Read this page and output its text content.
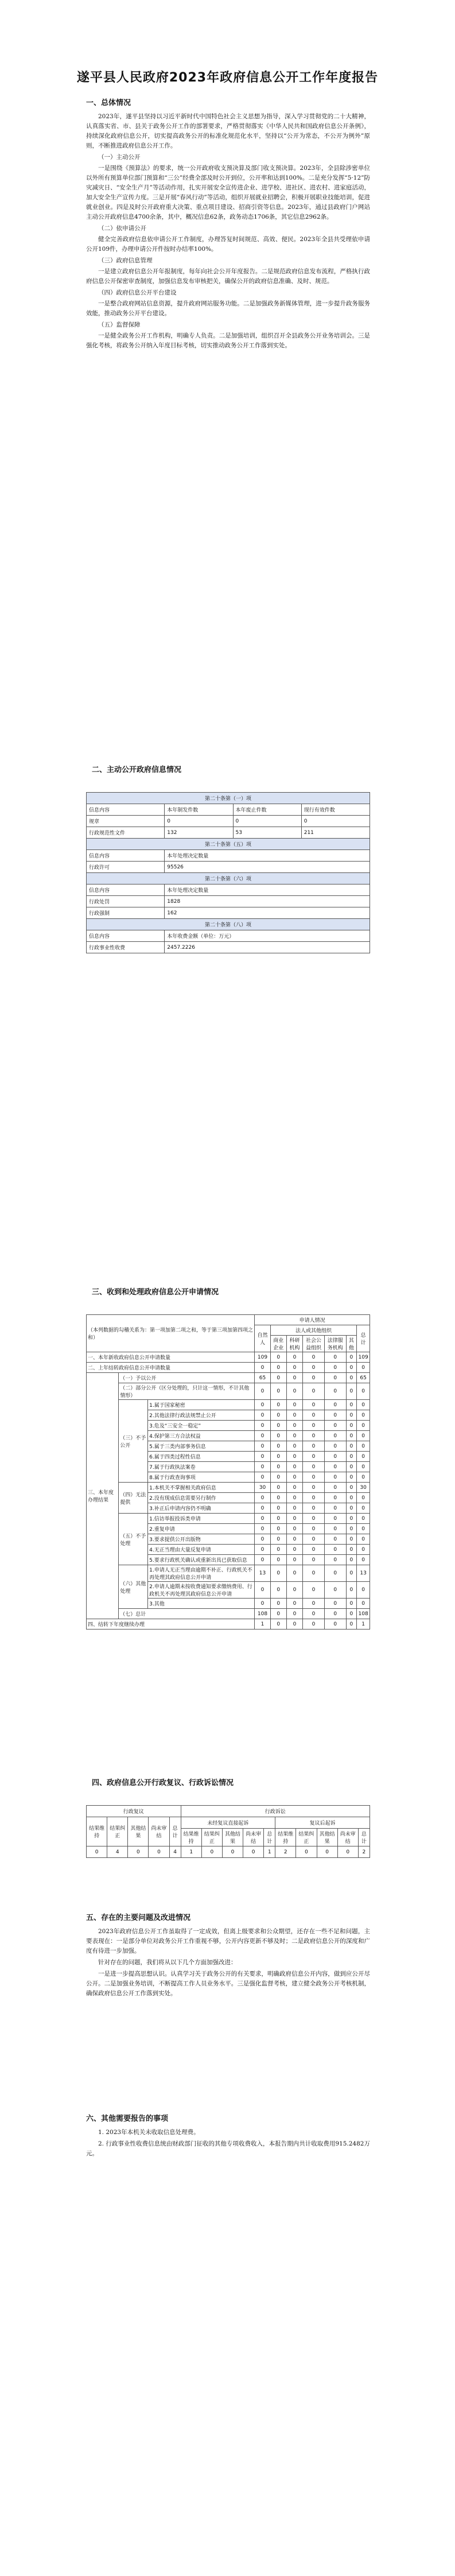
遂平县人民政府2023年政府信息公开工作年度报告
一、总体情况
2023年，遂平县坚持以习近平新时代中国特色社会主义思想为指导，深入学习贯彻党的二十大精神，认真落实省、市、县关于政务公开工作的部署要求，严格贯彻落实《中华人民共和国政府信息公开条例》，持续深化政府信息公开，切实提高政务公开的标准化规范化水平，坚持以“公开为常态，不公开为例外”原则，不断推进政府信息公开工作。
（一）主动公开
一是围绕《预算法》的要求，统一公开政府收支预决算及部门收支预决算。2023年，全县除涉密单位以外所有预算单位部门预算和“三公”经费全部及时公开到位，公开率和达到100%。二是充分发挥“5·12”防灾减灾日、“安全生产月”等活动作用，扎实开展安全宣传进企业、进学校、进社区、进农村、进家庭活动，加大安全生产宣传力度。三是开展“春风行动”等活动，组织开展就业招聘会，积极开展职业技能培训，促进就业创业。四是及时公开政府重大决策、重点项目建设、招商引资等信息。2023年，通过县政府门户网站主动公开政府信息4700余条，其中，概况信息62条，政务动态1706条，其它信息2962条。
（二）依申请公开
健全完善政府信息依申请公开工作制度，办理答复时间规范、高效、便民。2023年全县共受理依申请公开109件，办理申请公开件按时办结率100%。
（三）政府信息管理
一是建立政府信息公开年报制度，每年向社会公开年度报告。二是规范政府信息发布流程，严格执行政府信息公开保密审查制度，加强信息发布审核把关，确保公开的政府信息准确、及时、规范。
（四）政府信息公开平台建设
一是整合政府网站信息资源，提升政府网站服务功能。二是加强政务新媒体管理，进一步提升政务服务效能，推动政务公开平台建设。
（五）监督保障
一是健全政务公开工作机构，明确专人负责。二是加强培训，组织召开全县政务公开业务培训会。三是强化考核，将政务公开纳入年度目标考核，切实推动政务公开工作落到实处。
二、主动公开政府信息情况
第二十条第（一）项			
信息内容	本年制发件数	本年废止件数	现行有效件数
规章	0	0	0
行政规范性文件	132	53	211
第二十条第（五）项			
信息内容	本年处理决定数量		
行政许可	95526		
第二十条第（六）项			
信息内容	本年处理决定数量		
行政处罚	1828		
行政强制	162		
第二十条第（八）项			
信息内容	本年收费金额（单位：万元）		
行政事业性收费	2457.2226		
三、收到和处理政府信息公开申请情况
（本列数据的勾稽关系为：第一项加第二项之和，等于第三项加第四项之和）			申请人情况						
			自然人	法人或其他组织					总计
				商业企业	科研机构	社会公益组织	法律服务机构	其他	
一、本年新收政府信息公开申请数量			109	0	0	0	0	0	109
二、上年结转政府信息公开申请数量			0	0	0	0	0	0	0
三、本年度办理结果	（一）予以公开		65	0	0	0	0	0	65
	（二）部分公开（区分处理的，只计这一情形，不计其他情形）		0	0	0	0	0	0	0
	（三）不予公开	1.属于国家秘密	0	0	0	0	0	0	0
		2.其他法律行政法规禁止公开	0	0	0	0	0	0	0
		3.危及“三安全一稳定”	0	0	0	0	0	0	0
		4.保护第三方合法权益	0	0	0	0	0	0	0
		5.属于三类内部事务信息	0	0	0	0	0	0	0
		6.属于四类过程性信息	0	0	0	0	0	0	0
		7.属于行政执法案卷	0	0	0	0	0	0	0
		8.属于行政查询事项	0	0	0	0	0	0	0
	（四）无法提供	1.本机关不掌握相关政府信息	30	0	0	0	0	0	30
		2.没有现成信息需要另行制作	0	0	0	0	0	0	0
		3.补正后申请内容仍不明确	0	0	0	0	0	0	0
	（五）不予处理	1.信访举报投诉类申请	0	0	0	0	0	0	0
		2.重复申请	0	0	0	0	0	0	0
		3.要求提供公开出版物	0	0	0	0	0	0	0
		4.无正当理由大量反复申请	0	0	0	0	0	0	0
		5.要求行政机关确认或重新出具已获取信息	0	0	0	0	0	0	0
	（六）其他处理	1.申请人无正当理由逾期不补正、行政机关不再处理其政府信息公开申请	13	0	0	0	0	0	13
		2.申请人逾期未按收费通知要求缴纳费用、行政机关不再处理其政府信息公开申请	0	0	0	0	0	0	0
		3.其他	0	0	0	0	0	0	0
	（七）总计		108	0	0	0	0	0	108
四、结转下年度继续办理			1	0	0	0	0	0	1
四、政府信息公开行政复议、行政诉讼情况
行政复议					行政诉讼									
结果维持	结果纠正	其他结果	尚未审结	总计	未经复议直接起诉					复议后起诉				
					结果维持	结果纠正	其他结果	尚未审结	总计	结果维持	结果纠正	其他结果	尚未审结	总计
0	4	0	0	4	1	0	0	0	1	2	0	0	0	2
五、存在的主要问题及改进情况
2023年政府信息公开工作虽取得了一定成效，但离上级要求和公众期望，还存在一些不足和问题，主要表现在：一是部分单位对政务公开工作重视不够，公开内容更新不够及时；二是政府信息公开的深度和广度有待进一步加强。
针对存在的问题，我们将从以下几个方面加强改进：
一是进一步提高思想认识。认真学习关于政务公开的有关要求，明确政府信息公开内容，做到应公开尽公开。二是加强业务培训，不断提高工作人员业务水平。三是强化监督考核，建立健全政务公开考核机制，确保政府信息公开工作落到实处。
六、其他需要报告的事项
1. 2023年本机关未收取信息处理费。
2. 行政事业性收费信息统由财政部门征收的其他专项收费收入，本报告期内共计收取费用915.2482万元。
